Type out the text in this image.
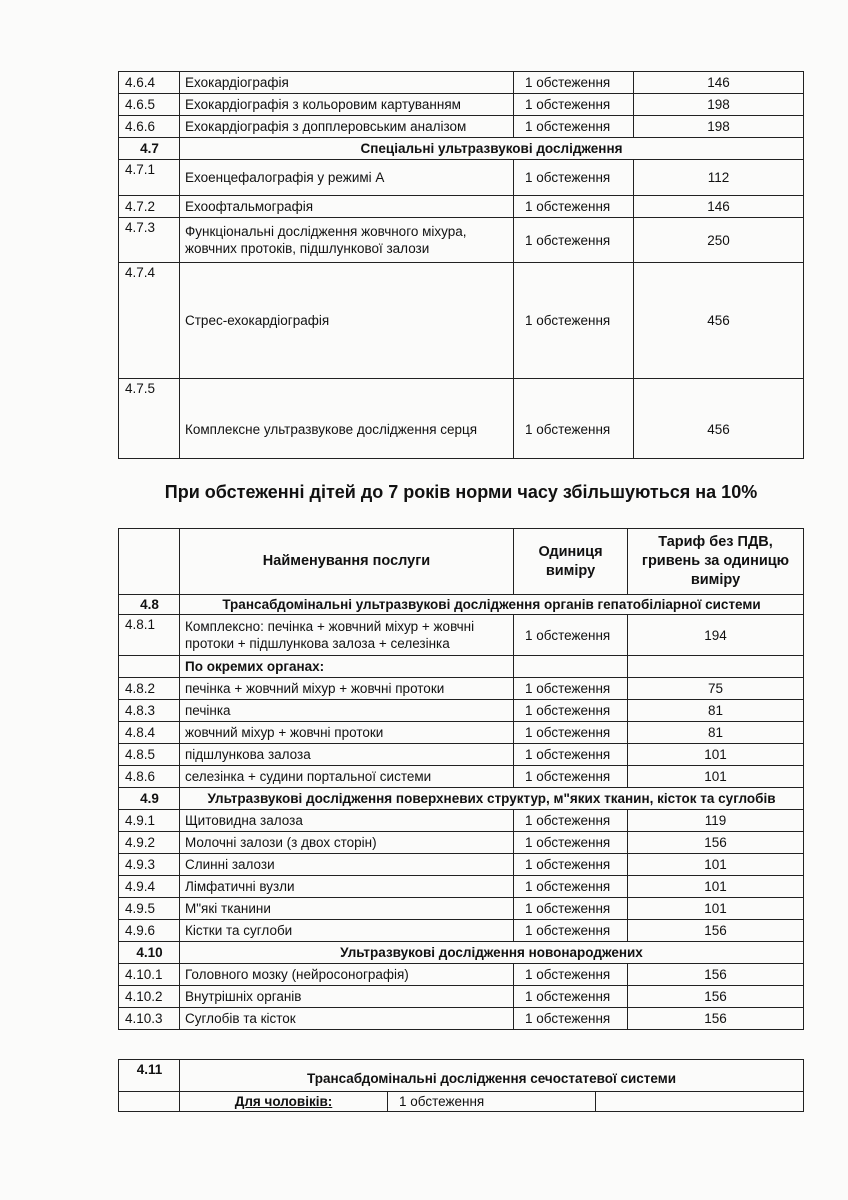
4.6.4	Ехокардіографія	1 обстеження	146
4.6.5	Ехокардіографія з кольоровим картуванням	1 обстеження	198
4.6.6	Ехокардіографія з допплеровським аналізом	1 обстеження	198
4.7	Спеціальні ультразвукові дослідження		
4.7.1	Ехоенцефалографія у режимі А	1 обстеження	112
4.7.2	Ехоофтальмографія	1 обстеження	146
4.7.3	Функціональні дослідження жовчного міхура, жовчних протоків, підшлункової залози	1 обстеження	250
4.7.4	Стрес-ехокардіографія	1 обстеження	456
4.7.5	Комплексне ультразвукове дослідження серця	1 обстеження	456
При обстеженні дітей до 7 років норми часу збільшуються на 10%
	Найменування послуги	Одиниця виміру	Тариф без ПДВ, гривень за одиницю виміру
4.8	Трансабдомінальні ультразвукові дослідження органів гепатобіліарної системи		
4.8.1	Комплексно: печінка + жовчний міхур + жовчні протоки + підшлункова залоза + селезінка	1 обстеження	194
	По окремих органах:		
4.8.2	печінка + жовчний міхур + жовчні протоки	1 обстеження	75
4.8.3	печінка	1 обстеження	81
4.8.4	жовчний міхур + жовчні протоки	1 обстеження	81
4.8.5	підшлункова залоза	1 обстеження	101
4.8.6	селезінка + судини портальної системи	1 обстеження	101
4.9	Ультразвукові дослідження поверхневих структур, м"яких тканин, кісток та суглобів		
4.9.1	Щитовидна залоза	1 обстеження	119
4.9.2	Молочні залози (з двох сторін)	1 обстеження	156
4.9.3	Слинні залози	1 обстеження	101
4.9.4	Лімфатичні вузли	1 обстеження	101
4.9.5	М"які тканини	1 обстеження	101
4.9.6	Кістки та суглоби	1 обстеження	156
4.10	Ультразвукові дослідження новонароджених		
4.10.1	Головного мозку (нейросонографія)	1 обстеження	156
4.10.2	Внутрішніх органів	1 обстеження	156
4.10.3	Суглобів та кісток	1 обстеження	156
4.11	Трансабдомінальні дослідження сечостатевої системи		
	Для чоловіків:	1 обстеження	
